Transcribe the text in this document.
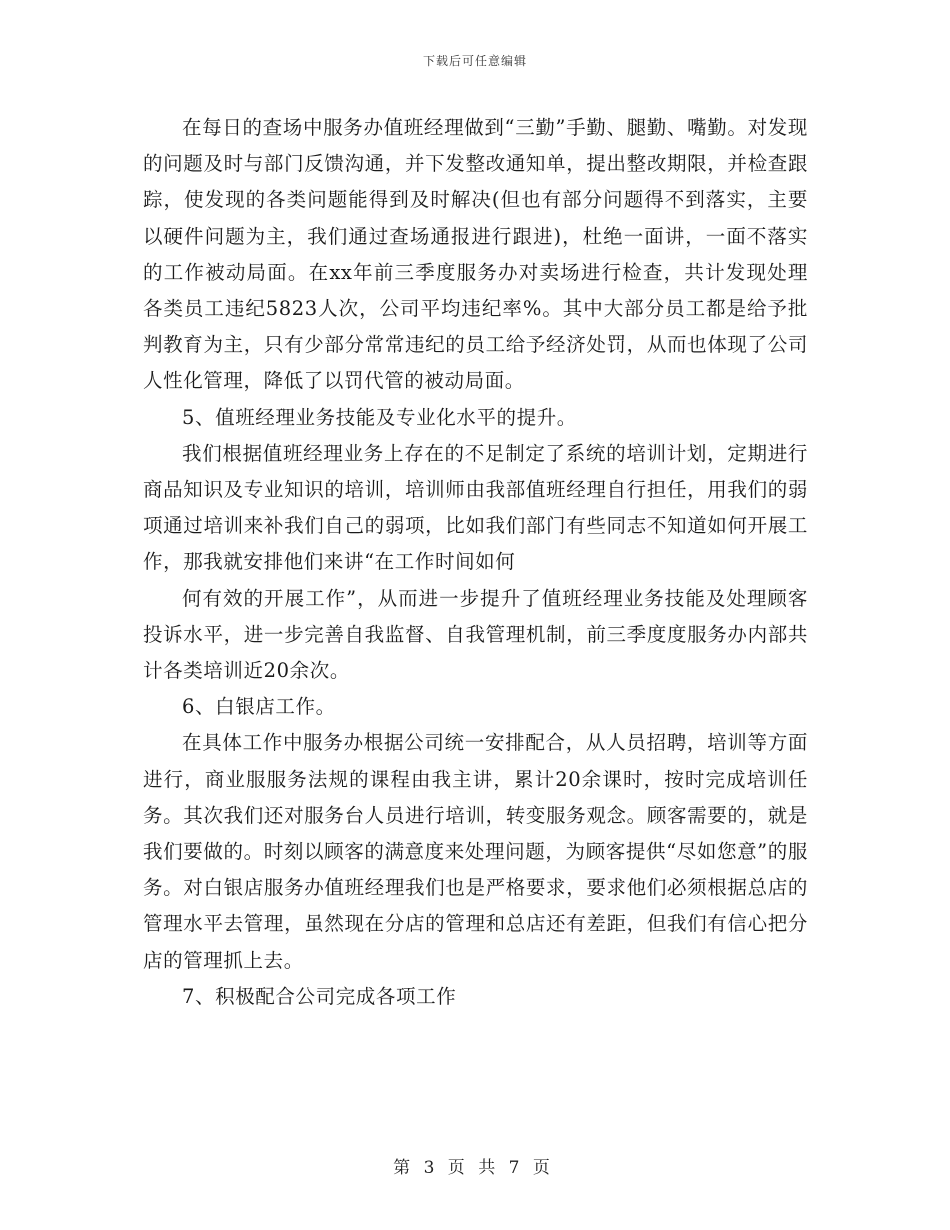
下载后可任意编辑

在每日的查场中服务办值班经理做到“三勤”手勤、腿勤、嘴勤。对发现的问题及时与部门反馈沟通，并下发整改通知单，提出整改期限，并检查跟踪，使发现的各类问题能得到及时解决(但也有部分问题得不到落实，主要以硬件问题为主，我们通过查场通报进行跟进)，杜绝一面讲，一面不落实的工作被动局面。在xx年前三季度服务办对卖场进行检查，共计发现处理各类员工违纪5823人次，公司平均违纪率%。其中大部分员工都是给予批判教育为主，只有少部分常常违纪的员工给予经济处罚，从而也体现了公司人性化管理，降低了以罚代管的被动局面。

5、值班经理业务技能及专业化水平的提升。

我们根据值班经理业务上存在的不足制定了系统的培训计划，定期进行商品知识及专业知识的培训，培训师由我部值班经理自行担任，用我们的弱项通过培训来补我们自己的弱项，比如我们部门有些同志不知道如何开展工作，那我就安排他们来讲“在工作时间如何

何有效的开展工作”，从而进一步提升了值班经理业务技能及处理顾客投诉水平，进一步完善自我监督、自我管理机制，前三季度度服务办内部共计各类培训近20余次。

6、白银店工作。

在具体工作中服务办根据公司统一安排配合，从人员招聘，培训等方面进行，商业服服务法规的课程由我主讲，累计20余课时，按时完成培训任务。其次我们还对服务台人员进行培训，转变服务观念。顾客需要的，就是我们要做的。时刻以顾客的满意度来处理问题，为顾客提供“尽如您意”的服务。对白银店服务办值班经理我们也是严格要求，要求他们必须根据总店的管理水平去管理，虽然现在分店的管理和总店还有差距，但我们有信心把分店的管理抓上去。

7、积极配合公司完成各项工作

第 3 页 共 7 页
